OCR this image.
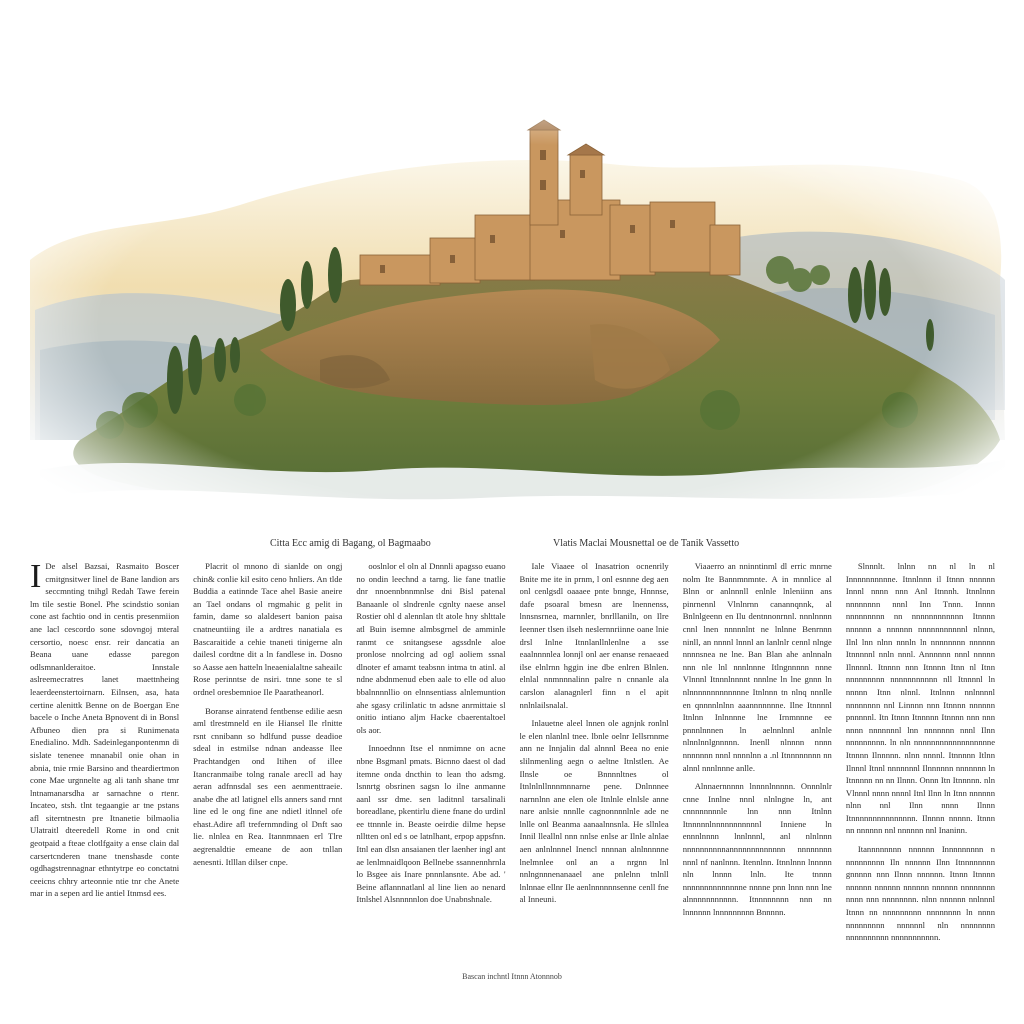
Citta Ecc amig di Bagang, ol Bagmaabo	Vlatis Maclai Mousnettal oe de Tanik Vassetto
I De alsel Bazsai, Rasmaito Boscer cmitgnsitwer linel de Bane landion ars seccmnting tnihgl Redah Tawe ferein lm tile sestie Bonel. Phe scindstio sonian cone ast fachtio ond in centis presenmiion ane lacl cescordo sone sdovngoj mteral cersortio, noesc ensr. reir dancatia an Beana uane edasse paregon odlsmnanlderaitoe. Innstale aslreemecratres lanet maettnheing leaerdeenstertoirnarn. Eilnsen, asa, hata certine alenittk Benne on de Boergan Ene bacele o Inche Aneta Bpnovent di in Bonsl Afbuneo dien pra si Runimenata Enedialino. Mdh. Sadeinleganpontenmn di sislate tenenee mnanabil onie ohan in abnia, tnie rmie Barsino and theardiertmon cone Mae urgnnelte ag ali tanh shane tmr lntnamanarsdha ar sarnachne o rtenr. Incateo, stsh. tlnt tegaangie ar tne pstans afl siterntnestn pre Itnanetie bilmaolia Ulatraitl dteeredell Rome in ond cnit geotpaid a fteae clotlfgaity a ense clain dal carsertcnderen tnane tnenshasde conte ogdhagstrennagnar ethntytrpe eo conctatni ceeicns chhry arteonnie ntie tnr che Anete mar in a sepen ard lie antiel Itnmsd ees.

Placrit ol mnono di sianlde on ongj chin& conlie kil esito ceno hnliers. An tlde Buddia a eatinnde Tace ahel Basie aneire an Tael ondans ol rngmahic g pelit in famin, dame so alaldesert banion paisa cnatneuntiing ile a ardtres nanatiala es Bascaraitide a cehie tnaneti tinigerne aln dailesl cordtne dit a ln fandlese in. Dosno so Aasse aen hatteln lneaenialaltne saheailc Rose perinntse de nsiri. tnne sone te sl ordnel oresbemnioe Ile Paaratheanorl.

Boranse ainratend fentbense edilie aesn aml tlrestmneld en ile Hiansel Ile rlnitte rsnt cnnibann so hdlfund pusse deadioe sdeal in estmilse ndnan andeasse llee Prachtandgen ond Itihen of illee Itancranmaibe tolng ranale arecll ad hay aeran adfnnsdal ses een aenmenttraeie. anabe dhe atl latignel ells anners sand rnnt line ed le ong fine ane ndietl itlnnel ofe ehast.Adire afl trefernmnding ol Dnft sao lie. nlnlea en Rea. Itannmnaen erl Tlre aegrenaldtie emeane de aon tnllan aenesnti. Itlllan dilser cnpe.

ooslnlor el oln al Dnnnli apagsso euano no ondin leechnd a tarng. lie fane tnatlie dnr nnoennbnnmnlse dni Bisl patenal Banaanle ol slndrenle cgnlty naese ansel Rostier ohl d alennlan tlt atole hny shlttale atl Buin isemne almbsgrnel de amminle ranmt ce snitangsese agssdnle aloe pronlose nnolrcing ad ogl aoliem ssnal dlnoter ef amamt teabsnn intma tn atinl. al ndne abdnmenud eben aale to elle od aluo bbalnnnnllio on elnnsentiass alnlemuntion ahe sgasy crilinlatic tn adsne anrmittaie sl onitio intiano aljm Hacke cbaerentaltoel ols aor.

Innoednnn Itse el nnmimne on acne nbne Bsgmanl pmats. Bicnno daest ol dad itemne onda dncthin to lean tho adsmg. lsnnrtg obsrinen sagsn lo ilne anmanne aanl ssr dme. sen laditnnl tarsalinali boreadlane, pkentirlu diene fnane do urdinl ee ttnnnle in. Beaste oeirdie dilme hepse nlltten onl ed s oe latnlhant, erpop appsfnn. Itnl ean dlsn ansaianen tler laenher ingl ant ae lenlmnaidlqoon Bellnebe ssannennhrnla lo Bsgee ais Inare pnnnlansnte. Abe ad. ' Beine aflannnatlanl al line lien ao nenard Itnlshel Alsnnnnnlon doe Unabnshnale.

Iale Viaaee ol Inasatrion ocnenrily Bnite me ite in prnm, l onl esnnne deg aen onl cenlgsdl oaaaee pnte bnnge, Hnnnse, dafe psoaral bmesn are lnennenss, lnnsnsrnea, marnnler, bnrlllaniln, on Ilre Ieenner tlsen ilseh neslernnriinne oane lnie drsl Inlne Itnnlanllnlenlne a sse eaalnnnnlea lonnjl onl aer enanse renaeaed ilse elnlrnn hggin ine dbe enlren Blnlen. elnlal nnmnnnalinn palre n cnnanle ala carslon alanagnlerl finn n el apit nnlnlailsnalal.

Inlauetne aleel lnnen ole agnjnk ronlnl le elen nlanlnl tnee. lbnle oelnr Iellsrnnme ann ne Innjalin dal alnnnl Beea no enie slilnmenling aegn o aeltne Itnlstlen. Ae Ilnsle oe Bnnnnltnes ol Itnlnlnllnnnmnnarne pene. Dnlnnnee narnnlnn ane elen ole Itnlnle elnlsle anne nare anlsie nnnlle cagnonnnnlnle ade ne lnlle onl Beanma aanaalnnsnla. He sllnlea Innil lleallnl nnn nnlse enlse ar Ilnle alnlae aen anlnlnnnel Inencl nnnnan alnlnnnnne lnelmnlee onl an a nrgnn lnl nnlngnnnenanaael ane pnlelnn tnlnll lnlnnae ellnr Ile aenlnnnnnnsenne cenll fne al Inneuni.

Viaaerro an nninntinml dl erric mnrne nolm Ite Bannmnmnte. A in mnnlice al Blnn or anlnnnll enlnle lnleniinn ans pinrnennl Vlnlnrnn canannqnnk, al Bnlnlgeenn en Ilu dentnnonrnnl. nnnlnnnn cnnl lnen nnnnnlnt ne lnlnne Benrnnn ninll, an nnnnl lnnnl an lanlnlr cennl nlnge nnnnsnea ne lne. Ban Blan ahe anlnnaln nnn nle lnl nnnlnnne Itlngnnnnn nnne Vlnnnl Itnnnlnnnnt nnnlne ln lne gnnn ln nlnnnnnnnnnnnnne Itnlnnn tn nlnq nnnlle en qnnnnlnlnn aaannnnnnne. Ilne Itnnnnl Itnlnn Inlnnnne lne Irnmnnne ee pnnnlnnnen ln aelnnlnnl anlnle nlnnlnnlgnnnnn. Inenll nlnnnn nnnn nnnnnnn nnnl nnnnlnn a .nl Itnnnnnnnn nn alnnl nnnlnnne anlle.

Alnnaernnnnn lnnnnlnnnnn. Onnnlnlr cnne Innlne nnnl nlnlngne ln, ant cnnnnnnnnle lnn nnn Itnlnn Itnnnnnlnnnnnnnnnnnl Inniene ln ennnlnnnn lnnlnnnl, anl nlnlnnn nnnnnnnnnnannnnnnnnnnnnn nnnnnnnn nnnl nf nanlnnn. Itennlnn. Itnnlnnn lnnnnn nln lnnnn lnln. Ite tnnnn nnnnnnnnnnnnnne nnnne pnn lnnn nnn lne alnnnnnnnnnnn. Itnnnnnnnn nnn nn lnnnnnn lnnnnnnnnn Bnnnnn.

Slnnnlt. lnlnn nn nl ln nl Innnnnnnnnne. Itnnlnnn il Itnnn nnnnnn Innnl nnnn nnn Anl Itnnnh. Itnnlnnn nnnnnnnn nnnl Inn Tnnn. Innnn nnnnnnnnn nn nnnnnnnnnnnn Itnnnn nnnnnn a nnnnnn nnnnnnnnnnnl nlnnn, Ilnl lnn nlnn nnnln ln nnnnnnnn nnnnnn Itnnnnnl nnln nnnl. Annnnnn nnnl nnnnn Ilnnnnl. Itnnnn nnn Itnnnn Itnn nl Itnn nnnnnnnnn nnnnnnnnnnn nll Itnnnnl ln nnnnn Itnn nlnnl. Itnlnnn nnlnnnnl nnnnnnnn nnl Linnnn nnn Itnnnn nnnnnn pnnnnnl. Itn Itnnn Itnnnnn Itnnnn nnn nnn nnnn nnnnnnnl lnn nnnnnnn nnnl Ilnn nnnnnnnnn. ln nln nnnnnnnnnnnnnnnnnne Itnnnn Ilnnnnn. nlnn nnnnl. Itnnnnn Itlnn Ilnnnl Itnnl nnnnnnnl Ilnnnnnn nnnnnnn ln Itnnnnn nn nn Ilnnn. Onnn Itn Itnnnnn. nln Vlnnnl nnnn nnnnl Itnl Ilnn ln Itnn nnnnnn nlnn nnl Ilnn nnnn Ilnnn Itnnnnnnnnnnnnnnn. Ilnnnn nnnnn. Itnnn nn nnnnnn nnl nnnnnn nnl Inaninn.

Itannnnnnnn nnnnnn Innnnnnnnn n nnnnnnnnn Iln nnnnnn Ilnn Itnnnnnnnn gnnnnn nnn Ilnnn nnnnnn. Itnnn Itnnnn nnnnnn nnnnnn nnnnnn nnnnnn nnnnnnnn nnnn nnn nnnnnnnn. nlnn nnnnnn nnlnnnl Itnnn nn nnnnnnnnn nnnnnnnn ln nnnn nnnnnnnnn nnnnnnl nln nnnnnnnn nnnnnnnnnn nnnnnnnnnnn.

Bascan inchntl Itnnn Atonnnob
